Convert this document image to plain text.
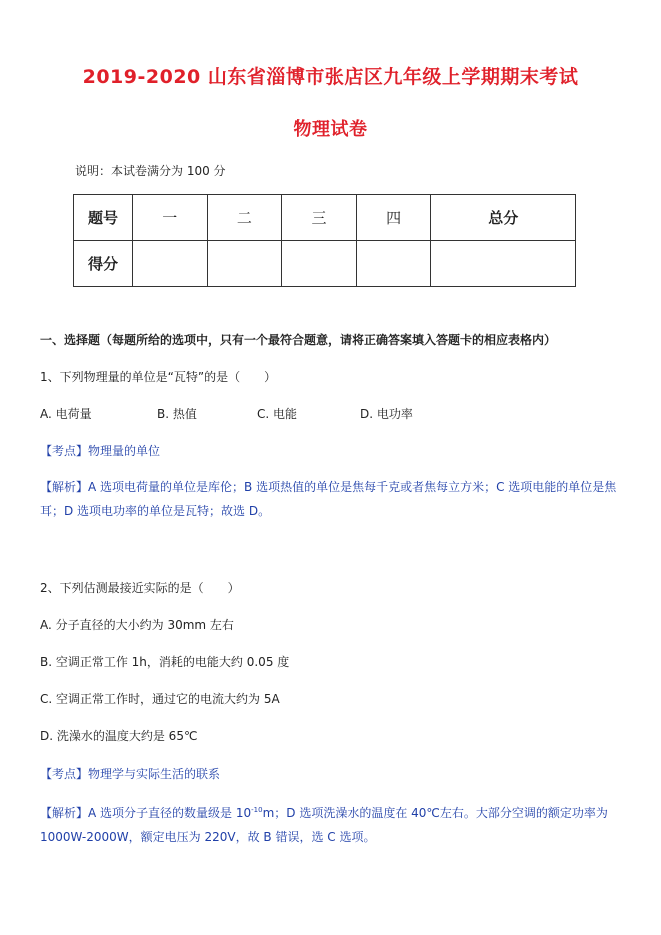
2019-2020 山东省淄博市张店区九年级上学期期末考试
物理试卷
说明：本试卷满分为 100 分
题号	一	二	三	四	总分
得分					
一、选择题（每题所给的选项中，只有一个最符合题意，请将正确答案填入答题卡的相应表格内）
1、下列物理量的单位是“瓦特”的是（　　）
A. 电荷量	B. 热值	C. 电能	D. 电功率
【考点】物理量的单位
【解析】A 选项电荷量的单位是库伦；B 选项热值的单位是焦每千克或者焦每立方米；C 选项电能的单位是焦耳；D 选项电功率的单位是瓦特；故选 D。
2、下列估测最接近实际的是（　　）
A. 分子直径的大小约为 30mm 左右
B. 空调正常工作 1h，消耗的电能大约 0.05 度
C. 空调正常工作时，通过它的电流大约为 5A
D. 洗澡水的温度大约是 65℃
【考点】物理学与实际生活的联系
【解析】A 选项分子直径的数量级是 $10^{-10}m$；D 选项洗澡水的温度在 40℃左右。大部分空调的额定功率为 1000W-2000W，额定电压为 220V，故 B 错误，选 C 选项。
